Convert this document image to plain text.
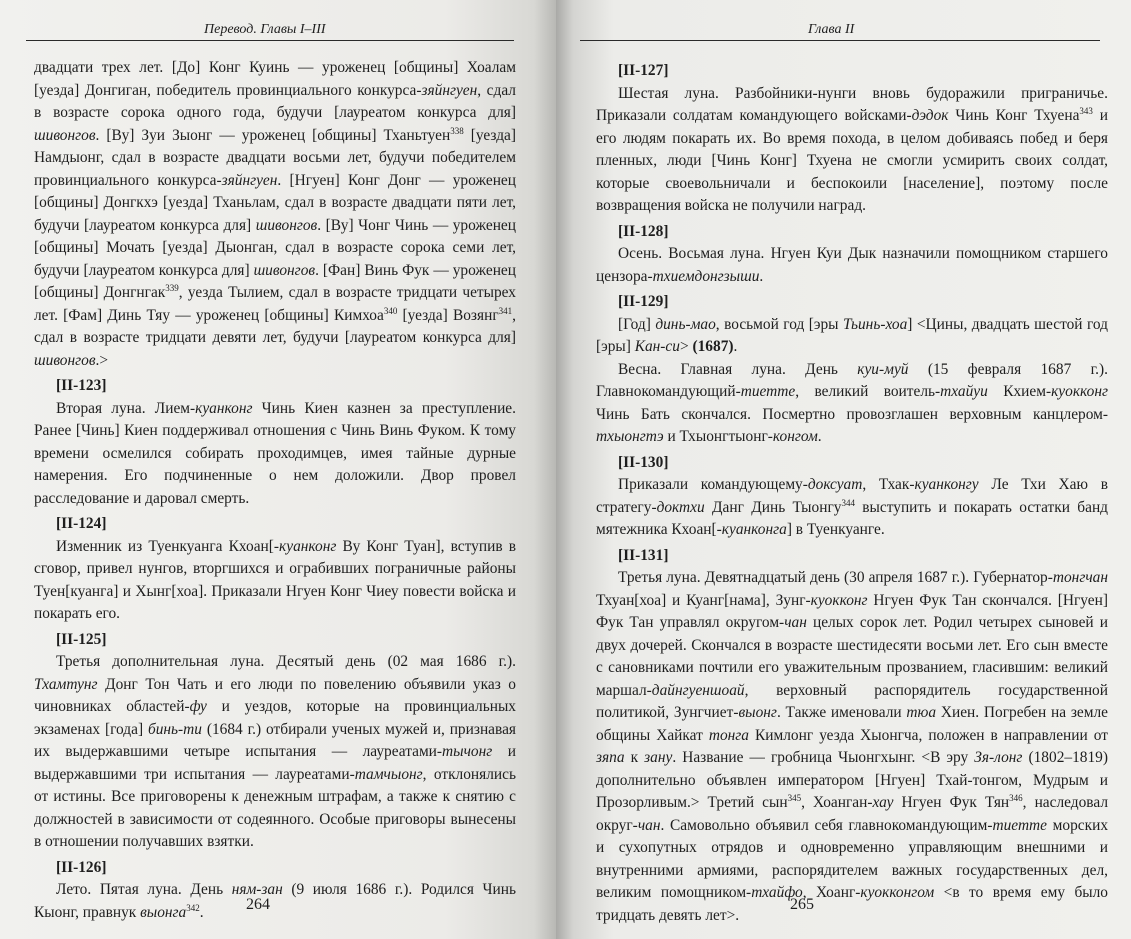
Перевод. Главы I–III

двадцати трех лет. [До] Конг Куинь — уроженец [общины] Хоалам [уезда] Донгиган, победитель провинциального конкурса-зяйнгуен, сдал в возрасте сорока одного года, будучи [лауреатом конкурса для] шивонгов. [Ву] Зуи Зыонг — уроженец [общины] Тханьтуен$^{338}$ [уезда] Намдыонг, сдал в возрасте двадцати восьми лет, будучи победителем провинциального конкурса-зяйнгуен. [Нгуен] Конг Донг — уроженец [общины] Донгкхэ [уезда] Тханьлам, сдал в возрасте двадцати пяти лет, будучи [лауреатом конкурса для] шивонгов. [Ву] Чонг Чинь — уроженец [общины] Мочать [уезда] Дыонган, сдал в возрасте сорока семи лет, будучи [лауреатом конкурса для] шивонгов. [Фан] Винь Фук — уроженец [общины] Донгнгак$^{339}$, уезда Тылием, сдал в возрасте тридцати четырех лет. [Фам] Динь Тяу — уроженец [общины] Кимхоа$^{340}$ [уезда] Возянг$^{341}$, сдал в возрасте тридцати девяти лет, будучи [лауреатом конкурса для] шивонгов.>

[II-123]

Вторая луна. Лием-куанконг Чинь Киен казнен за преступление. Ранее [Чинь] Киен поддерживал отношения с Чинь Винь Фуком. К тому времени осмелился собирать проходимцев, имея тайные дурные намерения. Его подчиненные о нем доложили. Двор провел расследование и даровал смерть.

[II-124]

Изменник из Туенкуанга Кхоан[-куанконг Ву Конг Туан], вступив в сговор, привел нунгов, вторгшихся и ограбивших пограничные районы Туен[куанга] и Хынг[хоа]. Приказали Нгуен Конг Чиеу повести войска и покарать его.

[II-125]

Третья дополнительная луна. Десятый день (02 мая 1686 г.). Тхамтунг Донг Тон Чать и его люди по повелению объявили указ о чиновниках областей-фу и уездов, которые на провинциальных экзаменах [года] бинь-ти (1684 г.) отбирали ученых мужей и, признавая их выдержавшими четыре испытания — лауреатами-тычонг и выдержавшими три испытания — лауреатами-тамчыонг, отклонялись от истины. Все приговорены к денежным штрафам, а также к снятию с должностей в зависимости от содеянного. Особые приговоры вынесены в отношении получавших взятки.

[II-126]

Лето. Пятая луна. День ням-зан (9 июля 1686 г.). Родился Чинь Кыонг, правнук выонга$^{342}$.	264
Глава II
[II-127]

Шестая луна. Разбойники-нунги вновь будоражили приграничье. Приказали солдатам командующего войсками-дэдок Чинь Конг Тхуена$^{343}$ и его людям покарать их. Во время похода, в целом добиваясь побед и беря пленных, люди [Чинь Конг] Тхуена не смогли усмирить своих солдат, которые своевольничали и беспокоили [население], поэтому после возвращения войска не получили наград.

[II-128]

Осень. Восьмая луна. Нгуен Куи Дык назначили помощником старшего цензора-тхиемдонгзыши.

[II-129]

[Год] динь-мао, восьмой год [эры Тьинь-хоа] <Цины, двадцать шестой год [эры] Кан-си> (1687).

Весна. Главная луна. День куи-муй (15 февраля 1687 г.). Главнокомандующий-тиетте, великий воитель-тхайуи Кхием-куокконг Чинь Бать скончался. Посмертно провозглашен верховным канцлером-тхыонгтэ и Тхыонгтыонг-конгом.

[II-130]

Приказали командующему-доксуат, Тхак-куанконгу Ле Тхи Хаю в стратегу-доктхи Данг Динь Тыонгу$^{344}$ выступить и покарать остатки банд мятежника Кхоан[-куанконга] в Туенкуанге.

[II-131]

Третья луна. Девятнадцатый день (30 апреля 1687 г.). Губернатор-тонгчан Тхуан[хоа] и Куанг[нама], Зунг-куокконг Нгуен Фук Тан скончался. [Нгуен] Фук Тан управлял округом-чан целых сорок лет. Родил четырех сыновей и двух дочерей. Скончался в возрасте шестидесяти восьми лет. Его сын вместе с сановниками почтили его уважительным прозванием, гласившим: великий маршал-дайнгуеншоай, верховный распорядитель государственной политикой, Зунгчиет-выонг. Также именовали тюа Хиен. Погребен на земле общины Хайкат тонга Кимлонг уезда Хыонгча, положен в направлении от зяпа к зану. Название — гробница Чыонгхынг. <В эру Зя-лонг (1802–1819) дополнительно объявлен императором [Нгуен] Тхай-тонгом, Мудрым и Прозорливым.> Третий сын$^{345}$, Хоанган-хау Нгуен Фук Тян$^{346}$, наследовал округ-чан. Самовольно объявил себя главнокомандующим-тиетте морских и сухопутных отрядов и одновременно управляющим внешними и внутренними армиями, распорядителем важных государственных дел, великим помощником-тхайфо, Хоанг-куокконгом <в то время ему было тридцать девять лет>.

265
